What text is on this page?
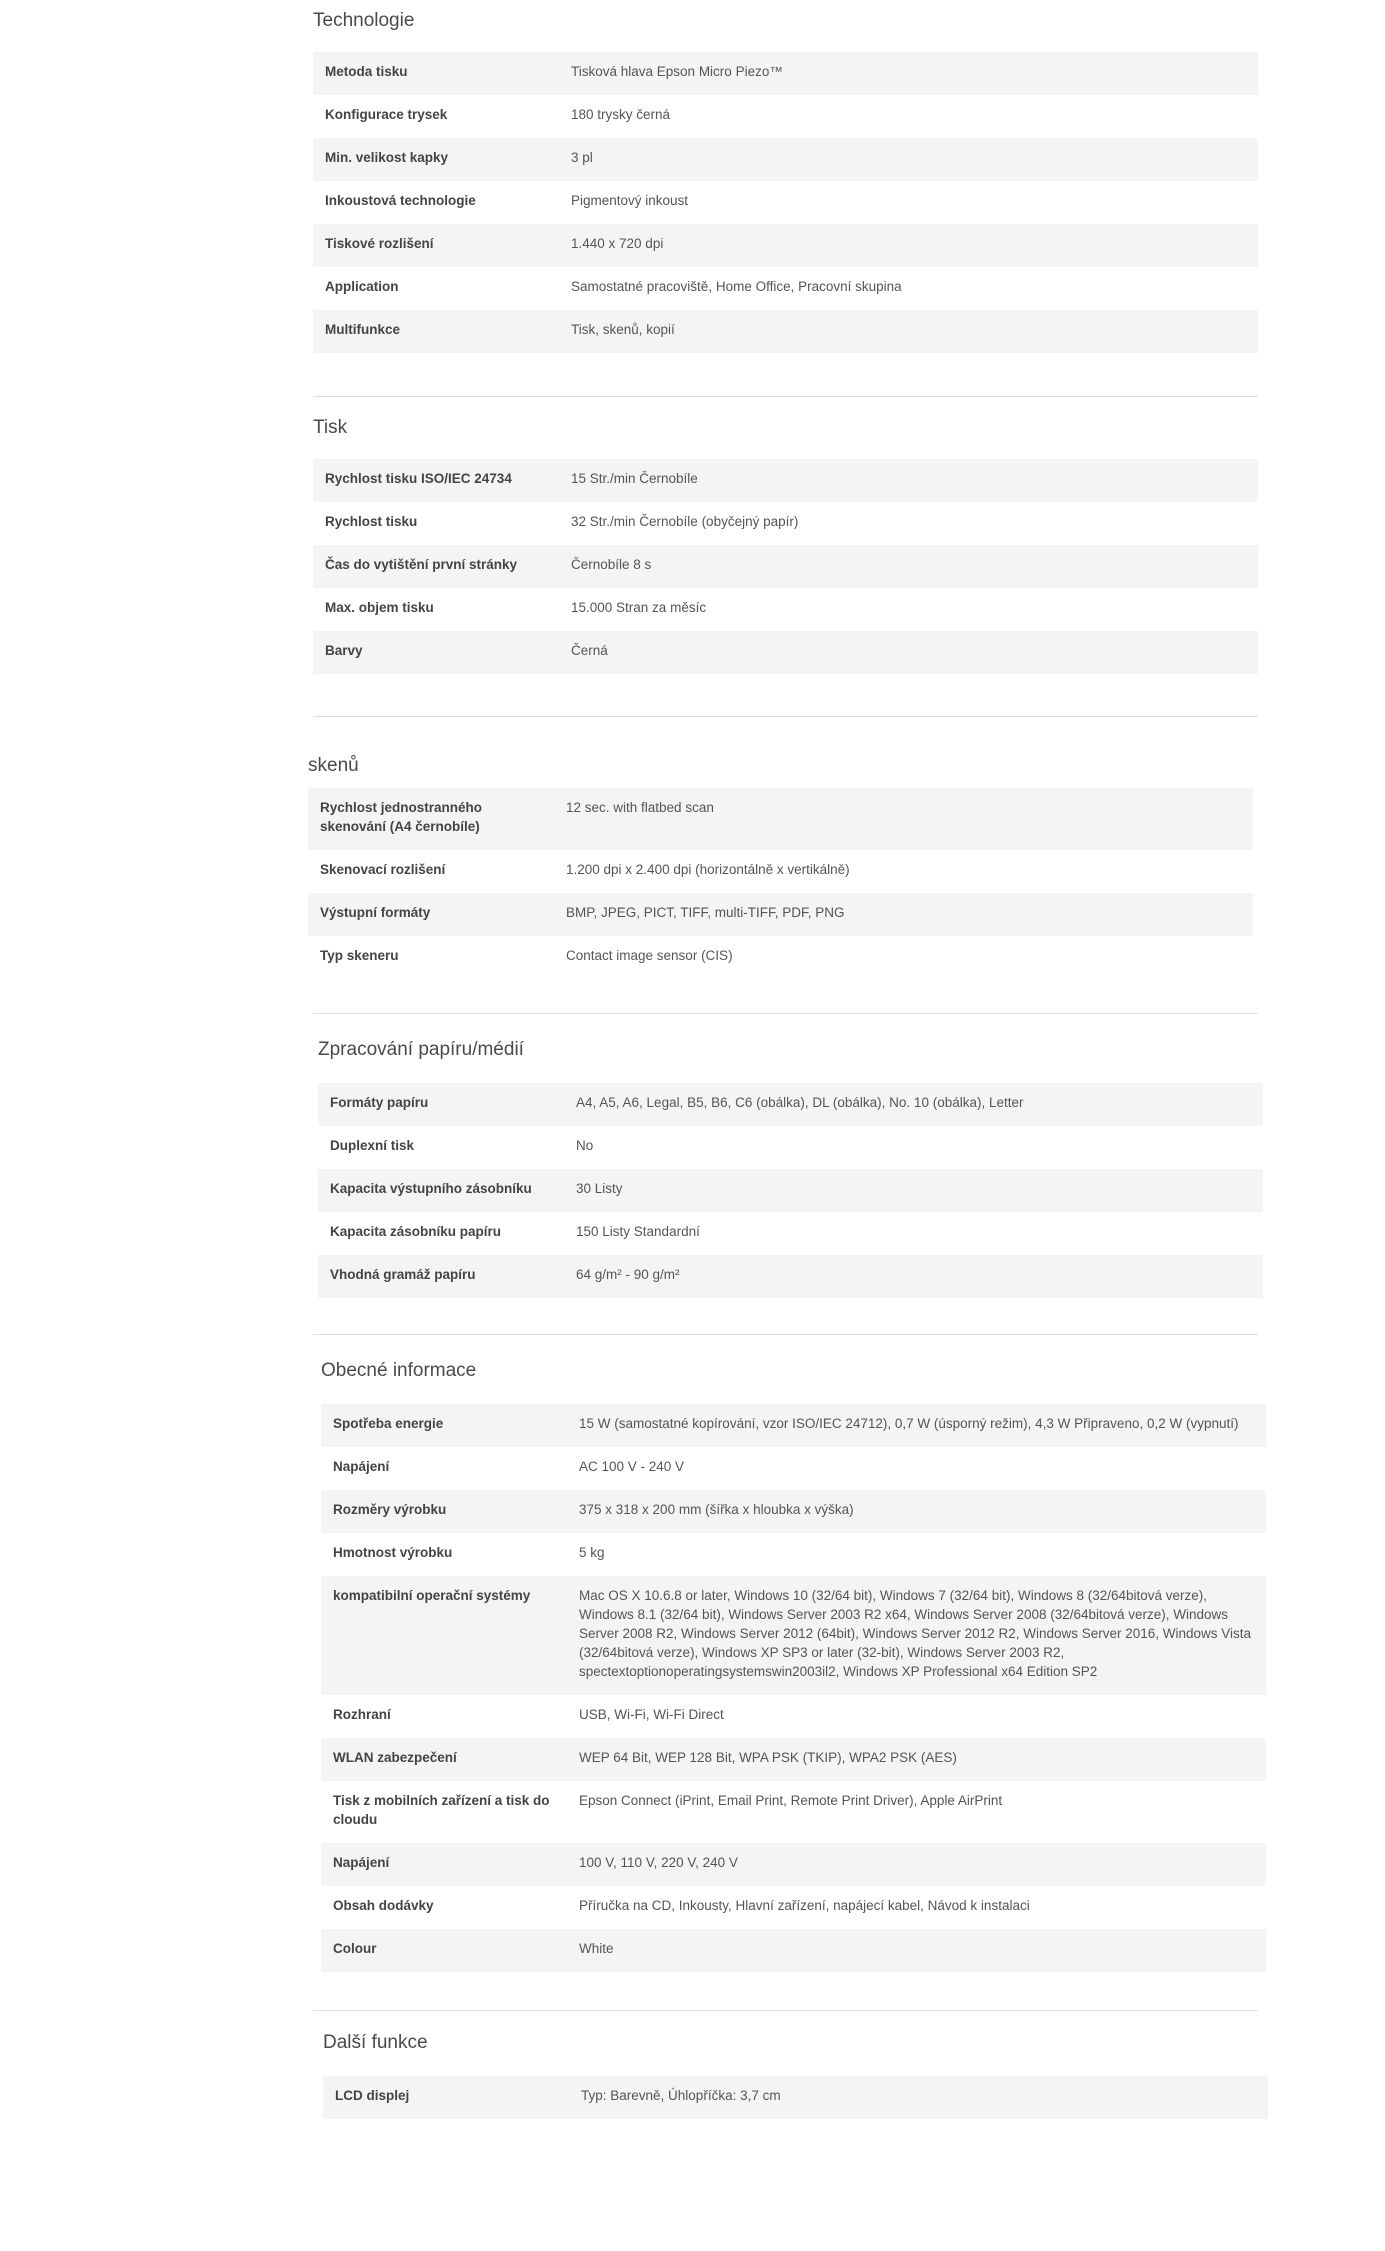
Technologie
Metoda tisku	Tisková hlava Epson Micro Piezo™
Konfigurace trysek	180 trysky černá
Min. velikost kapky	3 pl
Inkoustová technologie	Pigmentový inkoust
Tiskové rozlišení	1.440 x 720 dpi
Application	Samostatné pracoviště, Home Office, Pracovní skupina
Multifunkce	Tisk, skenů, kopií
Tisk
Rychlost tisku ISO/IEC 24734	15 Str./min Černobíle
Rychlost tisku	32 Str./min Černobíle (obyčejný papír)
Čas do vytištění první stránky	Černobíle 8 s
Max. objem tisku	15.000 Stran za měsíc
Barvy	Černá
skenů
Rychlost jednostranného skenování (A4 černobíle)	12 sec. with flatbed scan
Skenovací rozlišení	1.200 dpi x 2.400 dpi (horizontálně x vertikálně)
Výstupní formáty	BMP, JPEG, PICT, TIFF, multi-TIFF, PDF, PNG
Typ skeneru	Contact image sensor (CIS)
Zpracování papíru/médií
Formáty papíru	A4, A5, A6, Legal, B5, B6, C6 (obálka), DL (obálka), No. 10 (obálka), Letter
Duplexní tisk	No
Kapacita výstupního zásobníku	30 Listy
Kapacita zásobníku papíru	150 Listy Standardní
Vhodná gramáž papíru	64 g/m² - 90 g/m²
Obecné informace
Spotřeba energie	15 W (samostatné kopírování, vzor ISO/IEC 24712), 0,7 W (úsporný režim), 4,3 W Připraveno, 0,2 W (vypnutí)
Napájení	AC 100 V - 240 V
Rozměry výrobku	375 x 318 x 200 mm (šířka x hloubka x výška)
Hmotnost výrobku	5 kg
kompatibilní operační systémy	Mac OS X 10.6.8 or later, Windows 10 (32/64 bit), Windows 7 (32/64 bit), Windows 8 (32/64bitová verze), Windows 8.1 (32/64 bit), Windows Server 2003 R2 x64, Windows Server 2008 (32/64bitová verze), Windows Server 2008 R2, Windows Server 2012 (64bit), Windows Server 2012 R2, Windows Server 2016, Windows Vista (32/64bitová verze), Windows XP SP3 or later (32-bit), Windows Server 2003 R2, spectextoptionoperatingsystemswin2003il2, Windows XP Professional x64 Edition SP2
Rozhraní	USB, Wi-Fi, Wi-Fi Direct
WLAN zabezpečení	WEP 64 Bit, WEP 128 Bit, WPA PSK (TKIP), WPA2 PSK (AES)
Tisk z mobilních zařízení a tisk do cloudu	Epson Connect (iPrint, Email Print, Remote Print Driver), Apple AirPrint
Napájení	100 V, 110 V, 220 V, 240 V
Obsah dodávky	Příručka na CD, Inkousty, Hlavní zařízení, napájecí kabel, Návod k instalaci
Colour	White
Další funkce
LCD displej	Typ: Barevně, Úhlopříčka: 3,7 cm
